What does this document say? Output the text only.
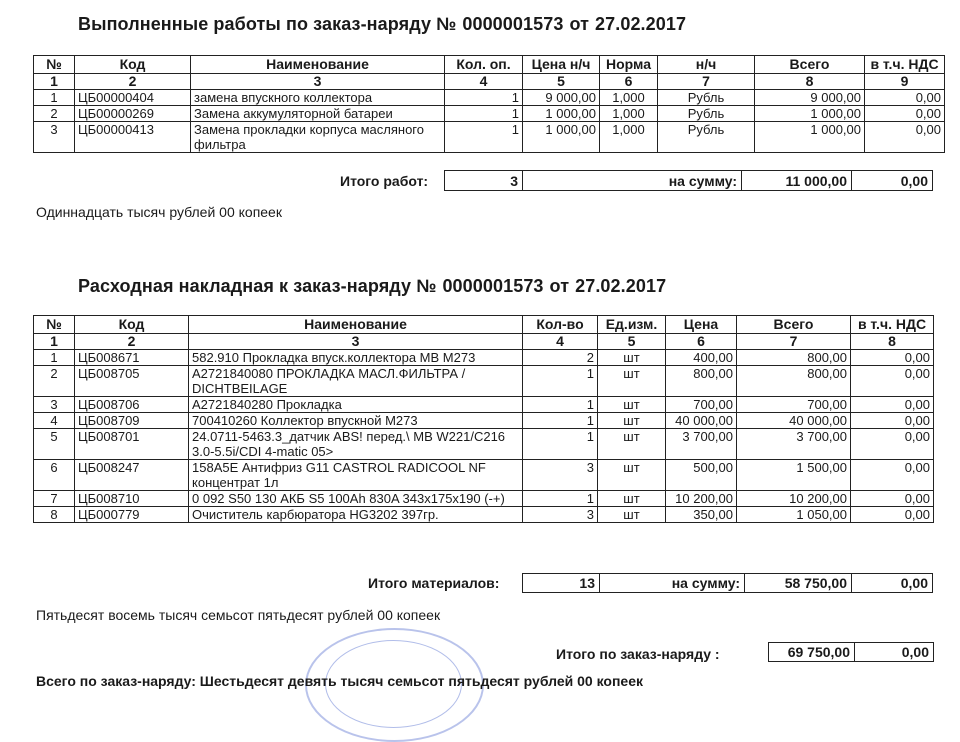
Выполненные работы по заказ-наряду № 0000001573 от 27.02.2017
№	Код	Наименование	Кол. оп.	Цена н/ч	Норма	н/ч	Всего	в т.ч. НДС
1	2	3	4	5	6	7	8	9
1	ЦБ00000404	замена впускного коллектора	1	9 000,00	1,000	Рубль	9 000,00	0,00
2	ЦБ00000269	Замена аккумуляторной батареи	1	1 000,00	1,000	Рубль	1 000,00	0,00
3	ЦБ00000413	Замена прокладки корпуса масляного фильтра	1	1 000,00	1,000	Рубль	1 000,00	0,00
Итого работ:	3	на сумму:	11 000,00	0,00
Одиннадцать тысяч рублей 00 копеек
Расходная накладная к заказ-наряду № 0000001573 от 27.02.2017
№	Код	Наименование	Кол-во	Ед.изм.	Цена	Всего	в т.ч. НДС
1	2	3	4	5	6	7	8
1	ЦБ008671	582.910 Прокладка впуск.коллектора MB M273	2	шт	400,00	800,00	0,00
2	ЦБ008705	A2721840080 ПРОКЛАДКА МАСЛ.ФИЛЬТРА / DICHTBEILAGE	1	шт	800,00	800,00	0,00
3	ЦБ008706	A2721840280 Прокладка	1	шт	700,00	700,00	0,00
4	ЦБ008709	700410260 Коллектор впускной M273	1	шт	40 000,00	40 000,00	0,00
5	ЦБ008701	24.0711-5463.3_датчик ABS! перед.\ MB W221/C216 3.0-5.5i/CDI 4-matic 05>	1	шт	3 700,00	3 700,00	0,00
6	ЦБ008247	158A5E Антифриз G11 CASTROL RADICOOL NF концентрат 1л	3	шт	500,00	1 500,00	0,00
7	ЦБ008710	0 092 S50 130 АКБ S5 100Ah 830A 343x175x190 (-+)	1	шт	10 200,00	10 200,00	0,00
8	ЦБ000779	Очиститель карбюратора HG3202 397гр.	3	шт	350,00	1 050,00	0,00
Итого материалов:	13	на сумму:	58 750,00	0,00
Пятьдесят восемь тысяч семьсот пятьдесят рублей 00 копеек
Итого по заказ-наряду :	69 750,00	0,00
Всего по заказ-наряду: Шестьдесят девять тысяч семьсот пятьдесят рублей 00 копеек
